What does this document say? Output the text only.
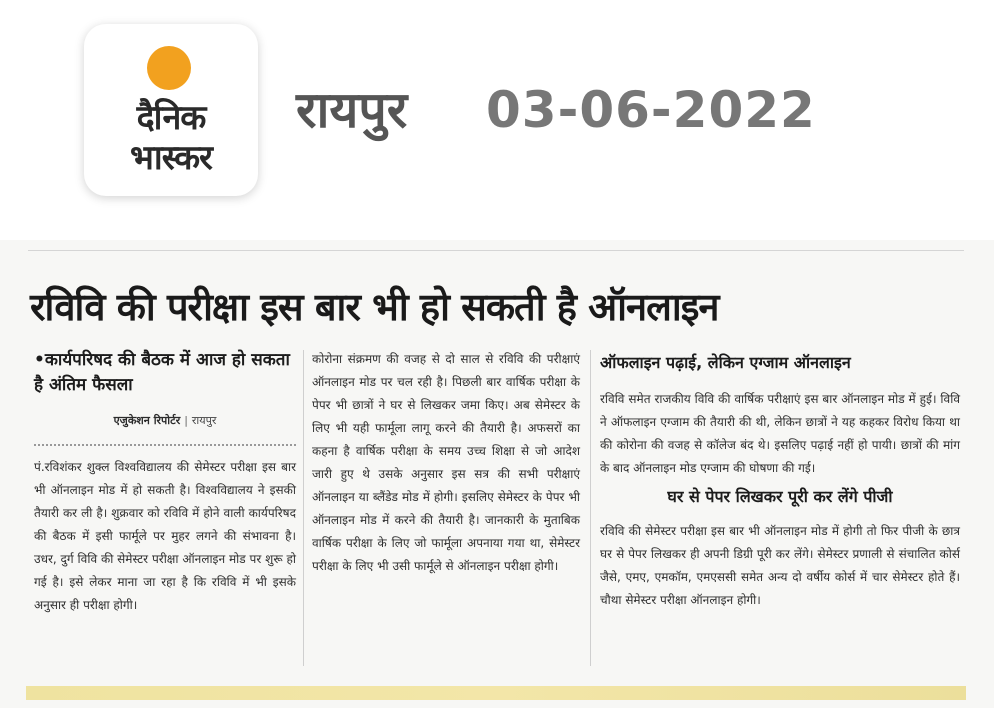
दैनिक
भास्कर
रायपुर 03-06-2022
रविवि की परीक्षा इस बार भी हो सकती है ऑनलाइन
•कार्यपरिषद की बैठक में आज हो सकता है अंतिम फैसला
एजुकेशन रिपोर्टर | रायपुर
पं.रविशंकर शुक्ल विश्वविद्यालय की सेमेस्टर परीक्षा इस बार भी ऑनलाइन मोड में हो सकती है। विश्वविद्यालय ने इसकी तैयारी कर ली है। शुक्रवार को रविवि में होने वाली कार्यपरिषद की बैठक में इसी फार्मूले पर मुहर लगने की संभावना है। उधर, दुर्ग विवि की सेमेस्टर परीक्षा ऑनलाइन मोड पर शुरू हो गई है। इसे लेकर माना जा रहा है कि रविवि में भी इसके अनुसार ही परीक्षा होगी।
कोरोना संक्रमण की वजह से दो साल से रविवि की परीक्षाएं ऑनलाइन मोड पर चल रही है। पिछली बार वार्षिक परीक्षा के पेपर भी छात्रों ने घर से लिखकर जमा किए। अब सेमेस्टर के लिए भी यही फार्मूला लागू करने की तैयारी है। अफसरों का कहना है वार्षिक परीक्षा के समय उच्च शिक्षा से जो आदेश जारी हुए थे उसके अनुसार इस सत्र की सभी परीक्षाएं ऑनलाइन या ब्लैंडेड मोड में होगी। इसलिए सेमेस्टर के पेपर भी ऑनलाइन मोड में करने की तैयारी है। जानकारी के मुताबिक वार्षिक परीक्षा के लिए जो फार्मूला अपनाया गया था, सेमेस्टर परीक्षा के लिए भी उसी फार्मूले से ऑनलाइन परीक्षा होगी।
ऑफलाइन पढ़ाई, लेकिन एग्जाम ऑनलाइन
रविवि समेत राजकीय विवि की वार्षिक परीक्षाएं इस बार ऑनलाइन मोड में हुई। विवि ने ऑफलाइन एग्जाम की तैयारी की थी, लेकिन छात्रों ने यह कहकर विरोध किया था की कोरोना की वजह से कॉलेज बंद थे। इसलिए पढ़ाई नहीं हो पायी। छात्रों की मांग के बाद ऑनलाइन मोड एग्जाम की घोषणा की गई।
घर से पेपर लिखकर पूरी कर लेंगे पीजी
रविवि की सेमेस्टर परीक्षा इस बार भी ऑनलाइन मोड में होगी तो फिर पीजी के छात्र घर से पेपर लिखकर ही अपनी डिग्री पूरी कर लेंगे। सेमेस्टर प्रणाली से संचालित कोर्स जैसे, एमए, एमकॉम, एमएससी समेत अन्य दो वर्षीय कोर्स में चार सेमेस्टर होते हैं। चौथा सेमेस्टर परीक्षा ऑनलाइन होगी।
